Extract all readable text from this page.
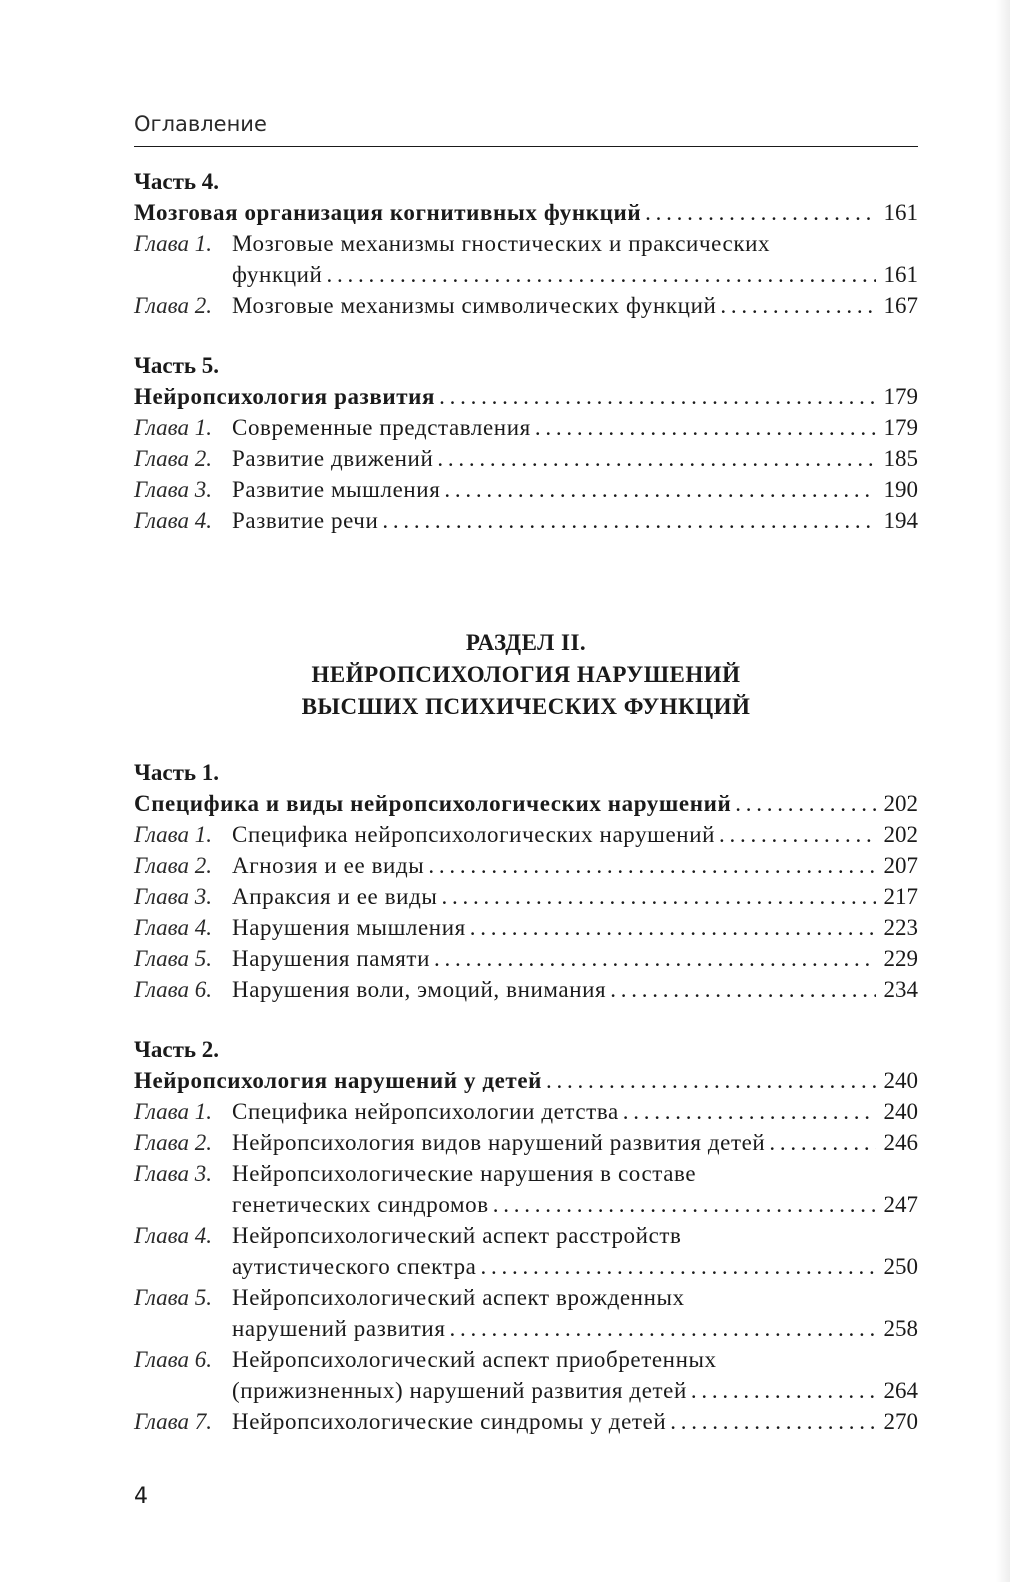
Оглавление

Часть 4.
Мозговая организация когнитивных функций . . .	161
Глава 1. Мозговые механизмы гностических и праксических
функций . . .	161
Глава 2. Мозговые механизмы символических функций . . .	167
Часть 5.
Нейропсихология развития . . .	179
Глава 1. Современные представления . . .	179
Глава 2. Развитие движений . . .	185
Глава 3. Развитие мышления . . .	190
Глава 4. Развитие речи . . .	194

РАЗДЕЛ II.

НЕЙРОПСИХОЛОГИЯ НАРУШЕНИЙ

ВЫСШИХ ПСИХИЧЕСКИХ ФУНКЦИЙ

Часть 1.
Специфика и виды нейропсихологических нарушений . . .	202
Глава 1. Специфика нейропсихологических нарушений . . .	202
Глава 2. Агнозия и ее виды . . .	207
Глава 3. Апраксия и ее виды . . .	217
Глава 4. Нарушения мышления . . .	223
Глава 5. Нарушения памяти . . .	229
Глава 6. Нарушения воли, эмоций, внимания . . .	234
Часть 2.
Нейропсихология нарушений у детей . . .	240
Глава 1. Специфика нейропсихологии детства . . .	240
Глава 2. Нейропсихология видов нарушений развития детей . . .	246
Глава 3. Нейропсихологические нарушения в составе
генетических синдромов . . .	247
Глава 4. Нейропсихологический аспект расстройств
аутистического спектра . . .	250
Глава 5. Нейропсихологический аспект врожденных
нарушений развития . . .	258
Глава 6. Нейропсихологический аспект приобретенных
(прижизненных) нарушений развития детей . . .	264
Глава 7. Нейропсихологические синдромы у детей . . .	270
4
